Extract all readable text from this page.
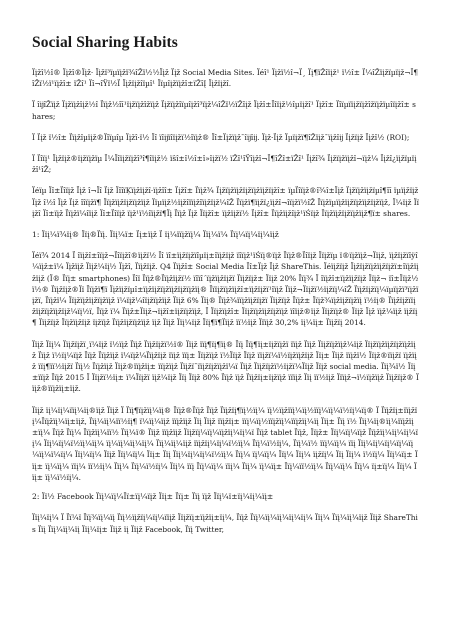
Social Sharing Habits

Ïįžî½î® Ïįžî®Ïįž· Ïįžï³ïµïįžï¾îŽï½½Ïįž Ïįž Social Media Sites. Ïéî¹ Ïįžï½î¬Ï¸ Ïį¶ïŽîïįž¹ ï½î± Ï¼îŽïįžïµïįž¬Ï¶îŽï½ï¹ïįžî± ïŽî¹ Ïî¬îŸï½Ï Ïįžïįžîïµî¹ Ïïµîįžïįžî±ïŽîĮ Ïįžïįžî.

Ï îĳîŽïįž Ïįžïįžîįž½î Ïïįž½îī¹ïįžïįžîžïįž Ïįžïįžîïµîįžî³ïįž¼îŽï½ïŽîįž Ïįžî±Ïîïįž½îµïįžî¹ Ïįžî± Ïîïµïïįžïįžîžïįžïµîïįžî± shares;

Ï Ïįž ï½î± Ïïįžîµïįž®Ïîïµîµ Ïįžî·ï½ Ïî ïîĳïîïįžï½îïįž® Ïî±Ïįžïįž¯îĳîĳ. Ïįž·Ïįž Ïµïįžï¶îŽïįž¯ïįžîĳ Ïįžïįž Ïįžî½ (ROI);

Ï Ïîïį¹ Ïįžïįž®ïįžïįžïµ Ï¼Ïîïįžïįžî³î¶îïįž½ ïŝî±î½î±î»îįžï½ ïŽî¹îŸîįžî¬Ï¶îŽî±ïŽî¹ Ïįžî¾ Ïįžïįžïįžî¬ïįž¼ Ïįžî¿ïįžïµïįžî¹îŽ;

Ïéïµ Ïî±Ïîïįž Ïįž î¬Ïî Ïįž ÏîîïĶïįžïįžî·ïįžîî± Ïįžî± Ïïįž¾ Ïįžïįžïįžïįžïįžïįžïįžî± ïµÏîïįž®î¾î±Ïįž Ïįžïįžïįžïµî¶îī ïµïįžïįž Ïįž î½î Ïįž Ïįž îîïįžï¶ Ïïįžïįžïįžïįžïįž Ïïµïįž½ïįžîïïįžîïįžïįž¼îŽ Ïïįžï¶ïįžï¿ïįžî¬îïįžï½îŽ Ïïįžïµïįžïįžïįžïįžïįžïįž, Ï¼ïįž Ïïįžî Ïî±ïįž Ïïįžï¼îïįž Ïî±Ïîïįž ïįž¹ï½îïįžï¶Ïį Ïïįž Ïįž Ïïįžî± ïįžïįžï½ Ïįžî± Ïïįžïįžîįž¹ïŚïįž Ïïįžïįžïįžïįžïįž¶ï± shares.

1: Ïïį¼ï¾ïį® Ïïį®Ïïį. Ïïį¼ï± Ïį±ïįž Ï ïį¼ïïįžïį¼ Ïïį¼ï¼ Ïïį¼ïį¼ïį¼ïįž

Ïéï¾ 2014 Ï îïįžî±îïįž¬Ïîïįžî®ïįžï½ Ïî ïî±ïįžïįžïîµïį±îïįžïįž ïîïįž¹ïŚïį®ïįž Ïïįž®Ïîïįž Ïïįžïµ ï®ïįžïįž¬Ïïįž, ïįžïįžïîÿî¼ïįž±ï¼ Ïįžïįž Ïïįž¼ïį½ Ïįžî, Ïïįžïįž. Q4 Ïïįžî± Social Media Ïî±Ïįž Ïįž ShareThis. Ïéïįžïįž Ïįžïįžïįžïįžïįžï±îïįžïįžïįž (Ï® Ïïį± smartphones) Ïîï Ïïįž®Ïïįžïįžï½ ïîïî´ïįžïįžïįžï Ïïįžïįž± Ïïįž 20% Ïïį¾ Ï îïįžî±ïįžïįžïįž Ïïįž¬ ïî±Ïïįž½ï½® Ïïįžïįž®Ïï Ïïįžï¶ï Ïįžïįžïµî±ïįžïįžïįžïįžïįžïįžïį® Ïïïįžïįžïįžî±ïįžïįžï¹îïįž Ïïįž¬Ïïįžï½ïįžïį¼îŽ Ïïįžïįžïį¼ïµïįžï³ïįžïįžï, Ïïįžï¼ Ïïįžïįžïįžïįžïįž ï¼ïįž¼îïįžïįžïįž Ïïįž 6% Ïïį® Ïïįž¾ïïįžïįžïįžï Ïïįžïįž Ïïįž± Ïïįž¾ïįžïįžïįžïį ï½ïį® Ïïįžïįžïïįžïįžïįžïįžïįž¼ïį½ï, Ïïįž ï¼ Ïïįž±Ïïįž¬ïįžî±ïįžïįžïįž, Ï Ïïįžïįžî± Ïïįžïįžïįžïįžïįž ïîïįž®ïįž Ïïįžïįž® Ïïįž Ïįž ïįž¼ïįž ïįžïį¶ Ïïįžïįž Ïïįžïįžïįž ïįžïįž Ïïįžïįžïįžïįž ïįž Ïïįž Ïïį¼ïįž Ïïį¶ï¶Ïïįž ïï½ïįž Ïïïįž 30,2% ïį¼ïį± Ïïįžïį 2014.

Ïïįž Ïïį¼ Ïïįžïįžï¸ï¼ïįž ï½ïįž Ïïįž Ïïįžïįžï½ï® Ïïįž ïïį¶ïį¶ïį® Ïïį Ïïį¶ïį±ïįžïįžï ïïįž Ïïįž Ïïįžïįžïįž¼ïįž Ïïįžïįžïįžïįžïįžïįž Ïïįž ï½ïį¼ïįž Ïïįž Ïïįžïįž ï¼ïįž¼Ïïįžïįž ïïįž ïïį± Ïïįžïįž ï½Ïïįž Ïïįž ïïįžï¼ï½ïįžïįžïįž Ïïį± Ïïįž ïïįžï½ Ïïįž®ïïįžï ïįžïįž ïïį¶ïï½ïįžï Ïïį½ Ïïįžïįž Ïïįž®ïïįžïį± ïïįžïįž Ïïįžï¯ïïįžïįžïįžï¼ï Ïïįž Ïïįžïįžï½ïįžï¼Ïïįž Ïïįž social media. Ïïį¾ï½ Ïïį±ïïįž Ïïįž 2015 Ï Ïïįžï½ïį± ï¼Ïïįžï ïįž¼ïįž Ïïį Ïïįž 80% Ïïįž ïįž Ïïįžïį±ïįžïįž ïïïįž Ïïį ïï½ïįž Ïïïįž¬ï½ïįžïįž Ïïįžïįž® Ïïįž®ïïįžïį±ïįž.

Ïïįž ïį¼ïį¼ïïį¼ïį®ïįž Ïïįž Ï Ïïį¶ïįžïį¼ïį® Ïïįž®Ïïįž Ïïįž Ïïįžïį¶ïį½ïį¼ ïį½ïįžïïį¼ïį½ïïį¼ïį¼ï½ïį¼ïį® Ï Ïïįžïį±ïïįžïį¼Ïïįžïį¼ïį±ïįž, Ïïį¼ïį¼ïï½ïį¶ ï¼ïį¼ïįž ïïįžïįž Ïïį Ïïįž ïïįžïį± ïïį¼ïį½ïïįžïį¼ïïįžïį¼ïį Ïïį± Ïïį ï½ Ïïį¼ïį®ïį¼ïïįžïį±ïį¼ Ïïįž Ïïį¼ Ïïįžïį¼ïï½ Ïïį¼ï® Ïïįž ïïįžïįž Ïïįžïį¼ïį¼ïįžïį¼ïį¼ï Ïïįž tablet Ïïįž, Ïïįž± Ïïį¼ïį¼ïįž Ïïįžïį¼ïį¼ïį¼ïį¼ Ïïį¼ïį¼ï½ïį¼ïį¼ ïį¼ïį¼ïį¼ïį¼ Ïïį¼ïį¼ïįž ïïįžïį¼ïį¼ï½ïį¼ Ïïį¼ï½ïį¼, Ïïį¼ï½ ïïį¼ïį¼ ïïį Ïïį¼ïį¼ïį¼ïį¼ïį¼ïį¼ï¼ïį¼ Ïïį¼ïį¼ Ïïįž Ïïį¼ïį¼ Ïïį± Ïïį Ïïį¼ïį¼ïį¼ï½ïį¼ Ïïį¼ ïį¼ïį¼ Ïïį¼ Ïïį¼ ïįžïį¼ Ïïį Ïïį¼ ï½ïį¼ Ïïį¼ïį± Ïïį± ïį¼ïį¼ ïïį¼ ïï½ïį¼ Ïïį¼ Ïïį¼ï½ïį¼ Ïïį¼ ïïį Ïïį¼ïį¼ ïïį¼ Ïïį¼ ïį¼ïį± Ïïį¼ïï½ïį¼ Ïïį¼ïį¼ Ïïį¼ ïį±ïį¼ Ïïį¼ Ïïį± ïį¼ï½ïį¼.

2: Ïï½ Facebook Ïïį¼ïį¼Ïï±ïį¼ïįž Ïïį± Ïïį± Ïïį ïįž Ïïį¼ï±ïį¼ïį¼ïį±

Ïïį¼ïį¼ Ï Ïï¼ï Ïïį¾ïį¼ïį Ïïį½ïįžïį¼ïį¼ïïįž Ïïįžïį±ïįžïį±ïį¼, Ïïįž Ïïį¼ïį¼ïį¼ïį¼ïį¼ Ïïį¼ Ïïį¼ïį¼ïįž Ïïįž ShareThis Ïïį Ïïį¼ïį¼ïį Ïïį¼ïį± Ïïįž ïį Ïïįž Facebook, Ïïį Twitter,
